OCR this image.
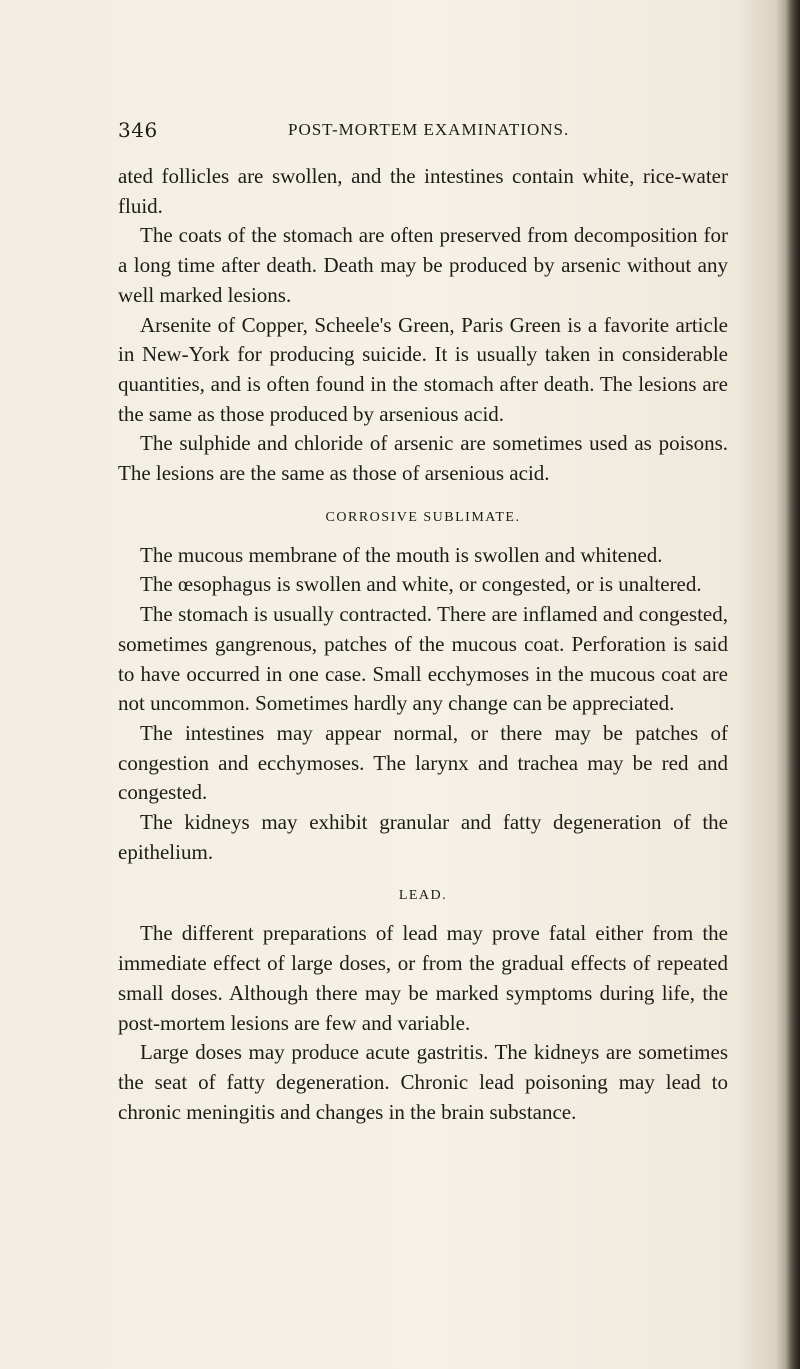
346	POST-MORTEM EXAMINATIONS.

ated follicles are swollen, and the intestines contain white, rice-water fluid.

The coats of the stomach are often preserved from decomposition for a long time after death. Death may be produced by arsenic without any well marked lesions.

Arsenite of Copper, Scheele's Green, Paris Green is a favorite article in New-York for producing suicide. It is usually taken in considerable quantities, and is often found in the stomach after death. The lesions are the same as those produced by arsenious acid.

The sulphide and chloride of arsenic are sometimes used as poisons. The lesions are the same as those of arsenious acid.

CORROSIVE SUBLIMATE.

The mucous membrane of the mouth is swollen and whitened.

The œsophagus is swollen and white, or congested, or is unaltered.

The stomach is usually contracted. There are inflamed and congested, sometimes gangrenous, patches of the mucous coat. Perforation is said to have occurred in one case. Small ecchymoses in the mucous coat are not uncommon. Sometimes hardly any change can be appreciated.

The intestines may appear normal, or there may be patches of congestion and ecchymoses. The larynx and trachea may be red and congested.

The kidneys may exhibit granular and fatty degeneration of the epithelium.

LEAD.

The different preparations of lead may prove fatal either from the immediate effect of large doses, or from the gradual effects of repeated small doses. Although there may be marked symptoms during life, the post-mortem lesions are few and variable.

Large doses may produce acute gastritis. The kidneys are sometimes the seat of fatty degeneration. Chronic lead poisoning may lead to chronic meningitis and changes in the brain substance.
